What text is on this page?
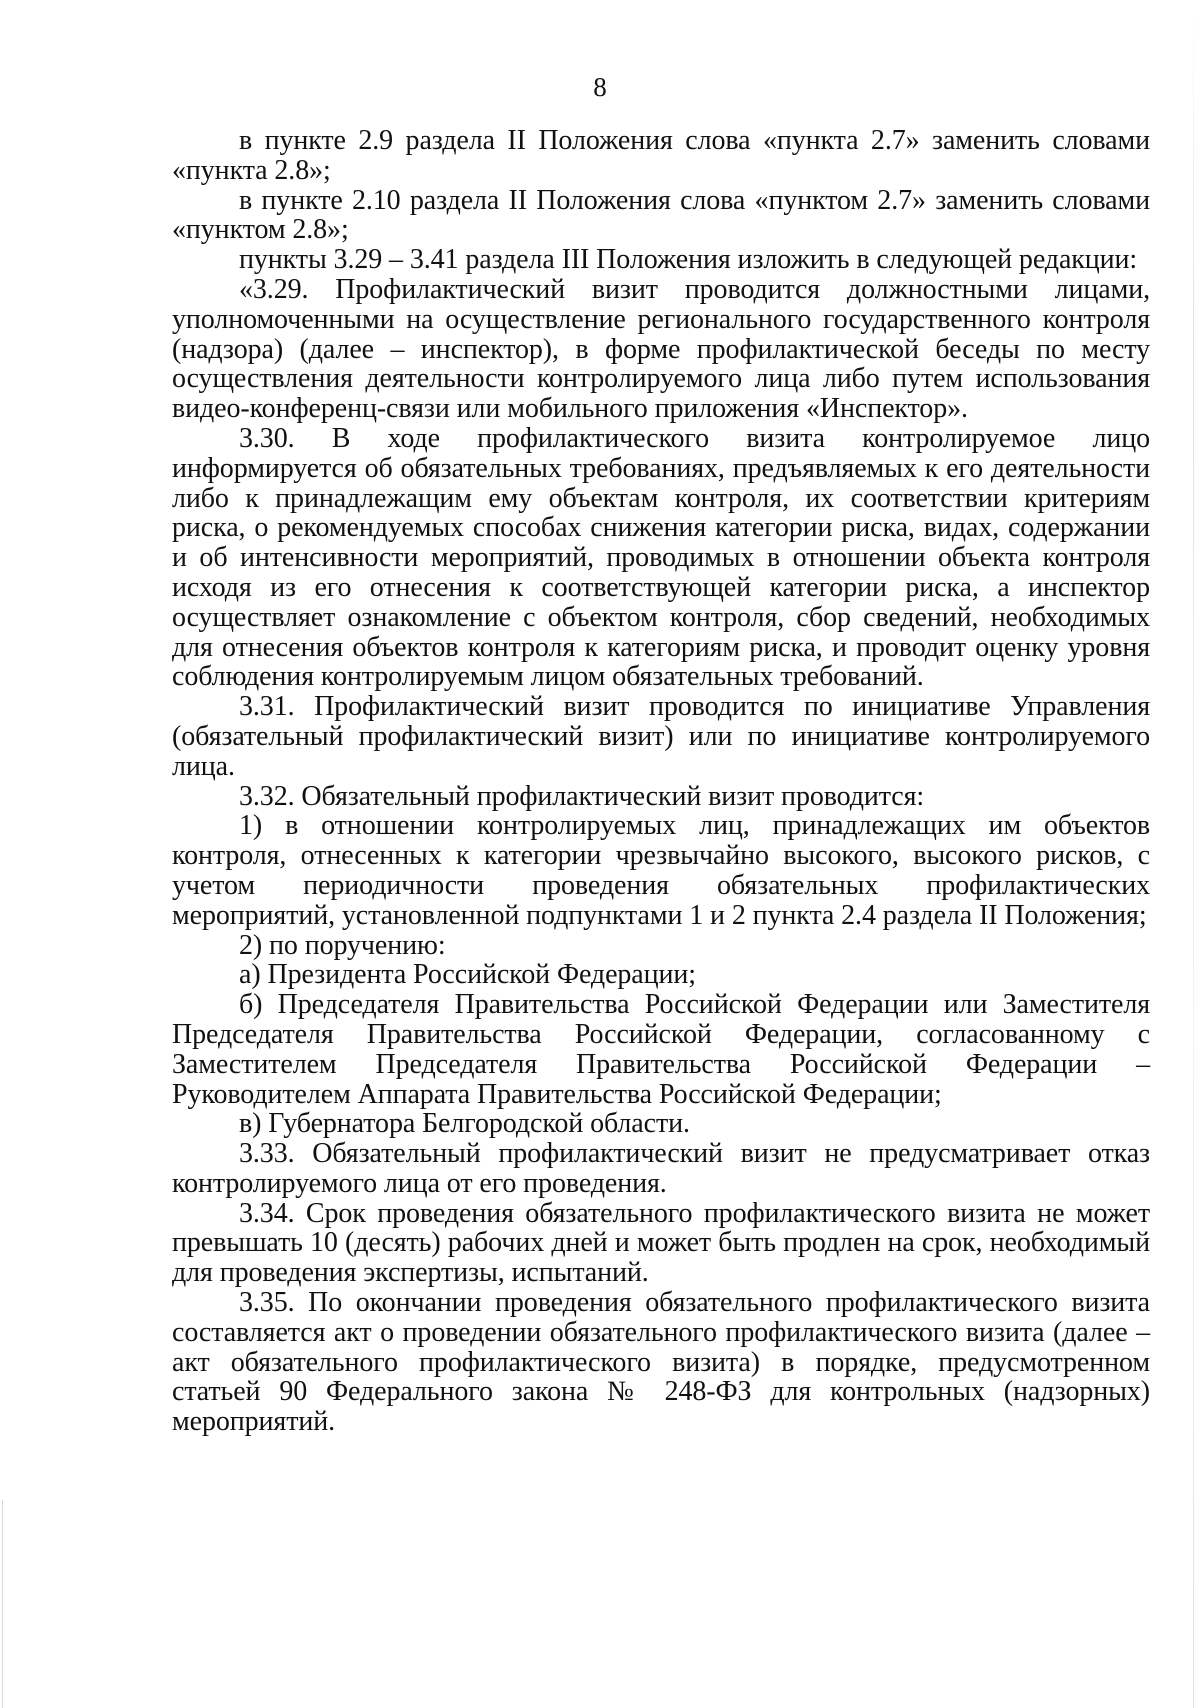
8

в пункте 2.9 раздела II Положения слова «пункта 2.7» заменить словами «пункта 2.8»;

в пункте 2.10 раздела II Положения слова «пунктом 2.7» заменить словами «пунктом 2.8»;

пункты 3.29 – 3.41 раздела III Положения изложить в следующей редакции:

«3.29. Профилактический визит проводится должностными лицами, уполномоченными на осуществление регионального государственного контроля (надзора) (далее – инспектор), в форме профилактической беседы по месту осуществления деятельности контролируемого лица либо путем использования видео-конференц-связи или мобильного приложения «Инспектор».

3.30. В ходе профилактического визита контролируемое лицо информируется об обязательных требованиях, предъявляемых к его деятельности либо к принадлежащим ему объектам контроля, их соответствии критериям риска, о рекомендуемых способах снижения категории риска, видах, содержании и об интенсивности мероприятий, проводимых в отношении объекта контроля исходя из его отнесения к соответствующей категории риска, а инспектор осуществляет ознакомление с объектом контроля, сбор сведений, необходимых для отнесения объектов контроля к категориям риска, и проводит оценку уровня соблюдения контролируемым лицом обязательных требований.

3.31. Профилактический визит проводится по инициативе Управления (обязательный профилактический визит) или по инициативе контролируемого лица.

3.32. Обязательный профилактический визит проводится:

1) в отношении контролируемых лиц, принадлежащих им объектов контроля, отнесенных к категории чрезвычайно высокого, высокого рисков, с учетом периодичности проведения обязательных профилактических мероприятий, установленной подпунктами 1 и 2 пункта 2.4 раздела II Положения;

2) по поручению:

а) Президента Российской Федерации;

б) Председателя Правительства Российской Федерации или Заместителя Председателя Правительства Российской Федерации, согласованному с Заместителем Председателя Правительства Российской Федерации – Руководителем Аппарата Правительства Российской Федерации;

в) Губернатора Белгородской области.

3.33. Обязательный профилактический визит не предусматривает отказ контролируемого лица от его проведения.

3.34. Срок проведения обязательного профилактического визита не может превышать 10 (десять) рабочих дней и может быть продлен на срок, необходимый для проведения экспертизы, испытаний.

3.35. По окончании проведения обязательного профилактического визита составляется акт о проведении обязательного профилактического визита (далее – акт обязательного профилактического визита) в порядке, предусмотренном статьей 90 Федерального закона № 248-ФЗ для контрольных (надзорных) мероприятий.
